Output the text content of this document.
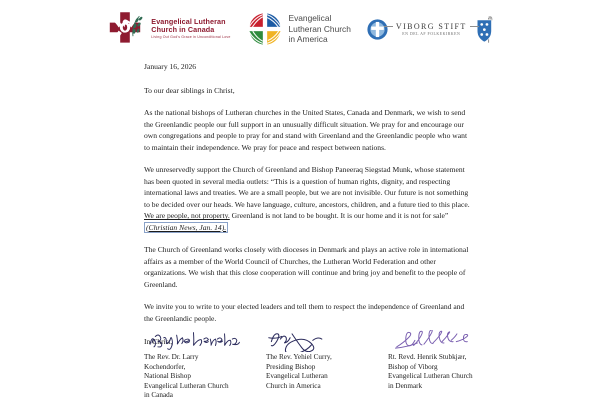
Evangelical Lutheran
Church in Canada
Living Out God's Grace in Unconditional Love
Evangelical
Lutheran Church
in America
VIBORG STIFT
EN DEL AF FOLKEKIRKEN
January 16, 2026
To our dear siblings in Christ,

As the national bishops of Lutheran churches in the United States, Canada and Denmark, we wish to send the Greenlandic people our full support in an unusually difficult situation. We pray for and encourage our own congregations and people to pray for and stand with Greenland and the Greenlandic people who want to maintain their independence. We pray for peace and respect between nations.

We unreservedly support the Church of Greenland and Bishop Paneeraq Siegstad Munk, whose statement has been quoted in several media outlets: “This is a question of human rights, dignity, and respecting international laws and treaties. We are a small people, but we are not invisible. Our future is not something to be decided over our heads. We have language, culture, ancestors, children, and a future tied to this place. We are people, not property. Greenland is not land to be bought. It is our home and it is not for sale” (Christian News, Jan. 14).

The Church of Greenland works closely with dioceses in Denmark and plays an active role in international affairs as a member of the World Council of Churches, the Lutheran World Federation and other organizations. We wish that this close cooperation will continue and bring joy and benefit to the people of Greenland.

We invite you to write to your elected leaders and tell them to respect the independence of Greenland and the Greenlandic people.

In Christ,
The Rev. Dr. Larry
Kochendorfer,
National Bishop
Evangelical Lutheran Church
in Canada
The Rev. Yehiel Curry,
Presiding Bishop
Evangelical Lutheran
Church in America
Rt. Revd. Henrik Stubkjær,
Bishop of Viborg
Evangelical Lutheran Church
in Denmark
